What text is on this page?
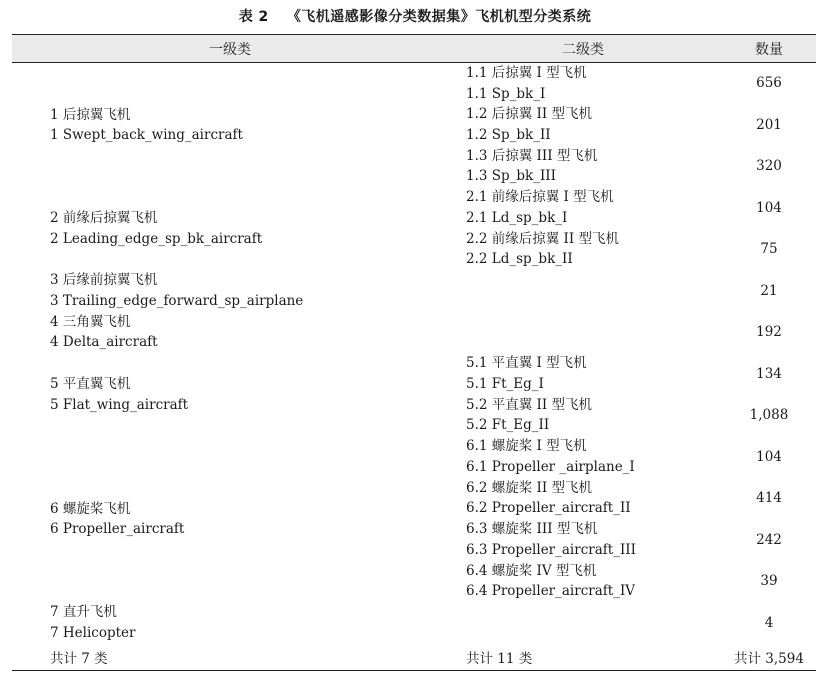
表 2 《飞机遥感影像分类数据集》飞机机型分类系统
一级类	二级类	数量

1 后掠翼飞机
1 Swept_back_wing_aircraft	1.1 后掠翼 I 型飞机
1.1 Sp_bk_I	656

	1.2 后掠翼 II 型飞机
1.2 Sp_bk_II	201

	1.3 后掠翼 III 型飞机
1.3 Sp_bk_III	320

2 前缘后掠翼飞机
2 Leading_edge_sp_bk_aircraft	2.1 前缘后掠翼 I 型飞机
2.1 Ld_sp_bk_I	104

	2.2 前缘后掠翼 II 型飞机
2.2 Ld_sp_bk_II	75

3 后缘前掠翼飞机
3 Trailing_edge_forward_sp_airplane		21

4 三角翼飞机
4 Delta_aircraft		192

5 平直翼飞机
5 Flat_wing_aircraft	5.1 平直翼 I 型飞机
5.1 Ft_Eg_I	134

	5.2 平直翼 II 型飞机
5.2 Ft_Eg_II	1,088

6 螺旋桨飞机
6 Propeller_aircraft	6.1 螺旋桨 I 型飞机
6.1 Propeller _airplane_I	104

	6.2 螺旋桨 II 型飞机
6.2 Propeller_aircraft_II	414

	6.3 螺旋桨 III 型飞机
6.3 Propeller_aircraft_III	242

	6.4 螺旋桨 IV 型飞机
6.4 Propeller_aircraft_IV	39

7 直升飞机
7 Helicopter		4
共计 7 类	共计 11 类	共计 3,594
